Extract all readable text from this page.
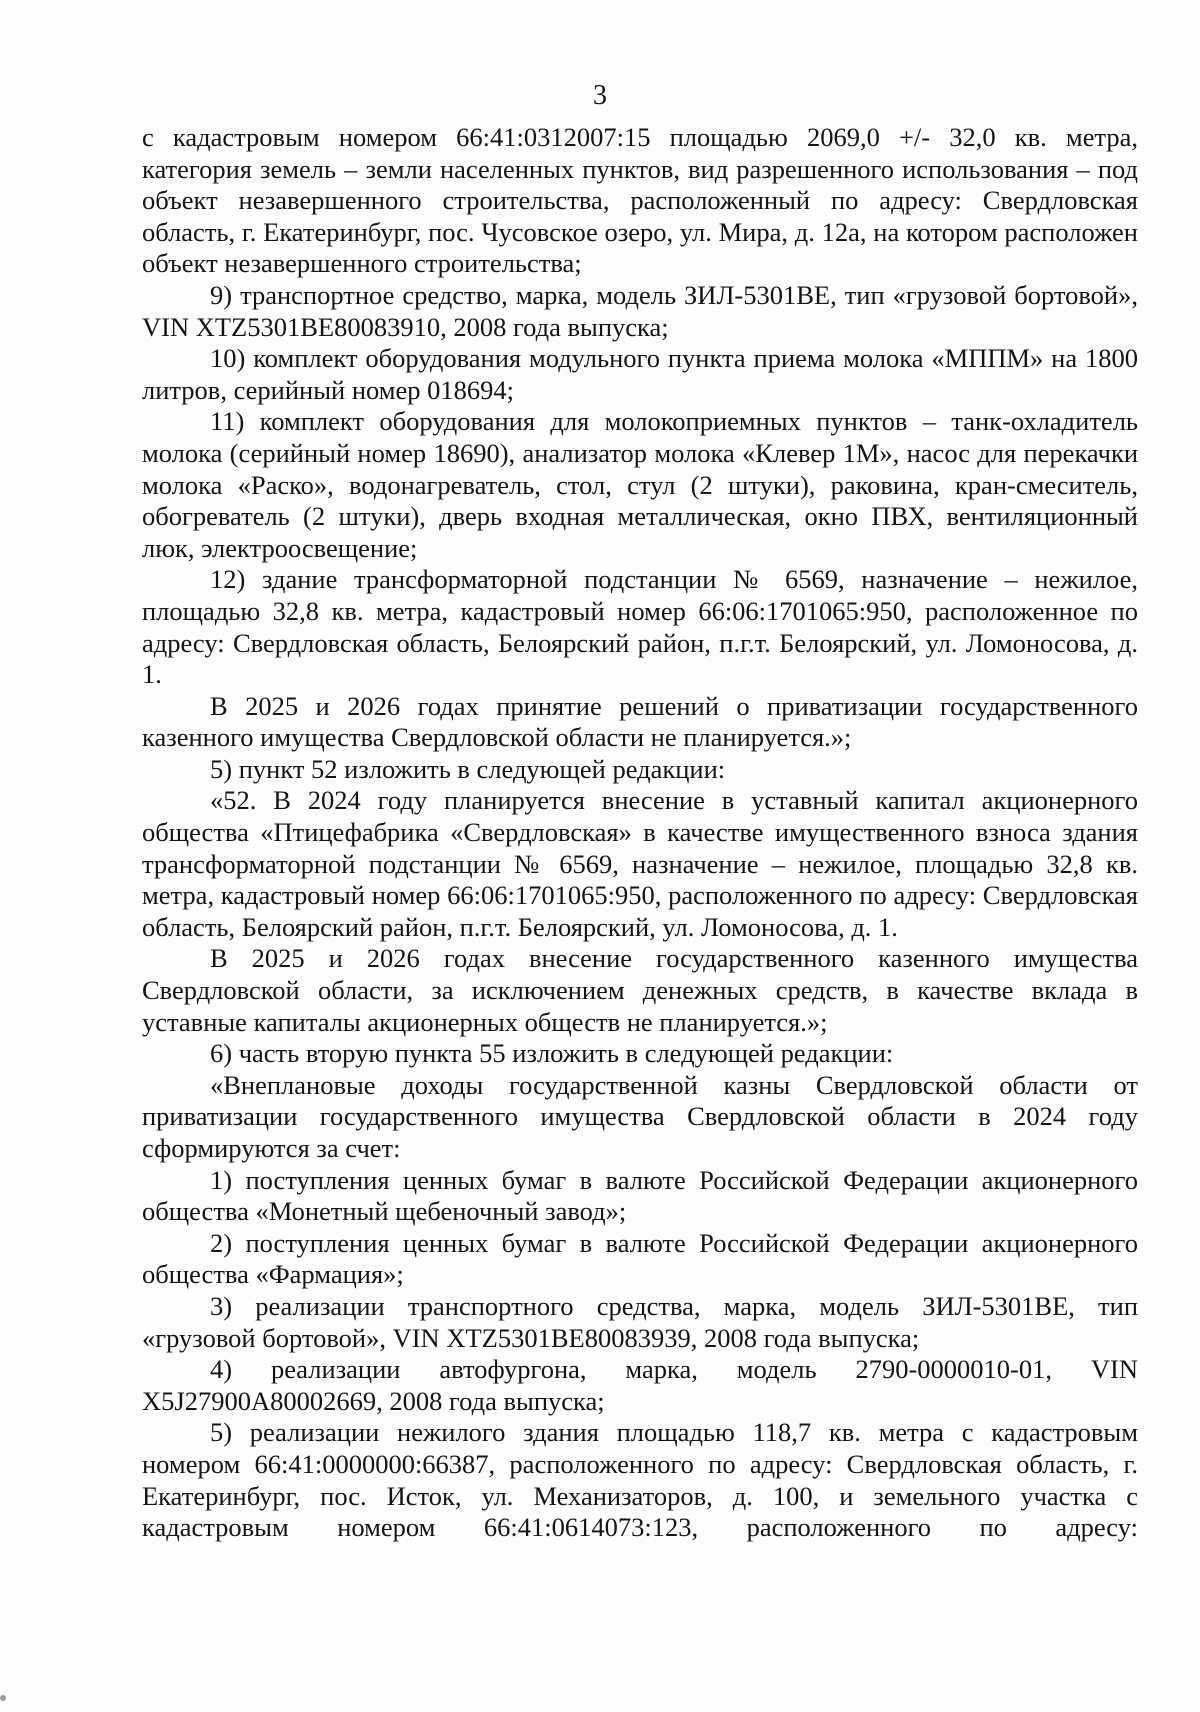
3

с кадастровым номером 66:41:0312007:15 площадью 2069,0 +/- 32,0 кв. метра, категория земель – земли населенных пунктов, вид разрешенного использования – под объект незавершенного строительства, расположенный по адресу: Свердловская область, г. Екатеринбург, пос. Чусовское озеро, ул. Мира, д. 12а, на котором расположен объект незавершенного строительства;

9) транспортное средство, марка, модель ЗИЛ-5301ВЕ, тип «грузовой бортовой», VIN XTZ5301BE80083910, 2008 года выпуска;

10) комплект оборудования модульного пункта приема молока «МППМ» на 1800 литров, серийный номер 018694;

11) комплект оборудования для молокоприемных пунктов – танк-охладитель молока (серийный номер 18690), анализатор молока «Клевер 1М», насос для перекачки молока «Раско», водонагреватель, стол, стул (2 штуки), раковина, кран-смеситель, обогреватель (2 штуки), дверь входная металлическая, окно ПВХ, вентиляционный люк, электроосвещение;

12) здание трансформаторной подстанции № 6569, назначение – нежилое, площадью 32,8 кв. метра, кадастровый номер 66:06:1701065:950, расположенное по адресу: Свердловская область, Белоярский район, п.г.т. Белоярский, ул. Ломоносова, д. 1.

В 2025 и 2026 годах принятие решений о приватизации государственного казенного имущества Свердловской области не планируется.»;

5) пункт 52 изложить в следующей редакции:

«52. В 2024 году планируется внесение в уставный капитал акционерного общества «Птицефабрика «Свердловская» в качестве имущественного взноса здания трансформаторной подстанции № 6569, назначение – нежилое, площадью 32,8 кв. метра, кадастровый номер 66:06:1701065:950, расположенного по адресу: Свердловская область, Белоярский район, п.г.т. Белоярский, ул. Ломоносова, д. 1.

В 2025 и 2026 годах внесение государственного казенного имущества Свердловской области, за исключением денежных средств, в качестве вклада в уставные капиталы акционерных обществ не планируется.»;

6) часть вторую пункта 55 изложить в следующей редакции:

«Внеплановые доходы государственной казны Свердловской области от приватизации государственного имущества Свердловской области в 2024 году сформируются за счет:

1) поступления ценных бумаг в валюте Российской Федерации акционерного общества «Монетный щебеночный завод»;

2) поступления ценных бумаг в валюте Российской Федерации акционерного общества «Фармация»;

3) реализации транспортного средства, марка, модель ЗИЛ-5301ВЕ, тип «грузовой бортовой», VIN XTZ5301BE80083939, 2008 года выпуска;

4) реализации автофургона, марка, модель 2790-0000010-01, VIN X5J27900A80002669, 2008 года выпуска;

5) реализации нежилого здания площадью 118,7 кв. метра с кадастровым номером 66:41:0000000:66387, расположенного по адресу: Свердловская область, г. Екатеринбург, пос. Исток, ул. Механизаторов, д. 100, и земельного участка с кадастровым номером 66:41:0614073:123, расположенного по адресу:
